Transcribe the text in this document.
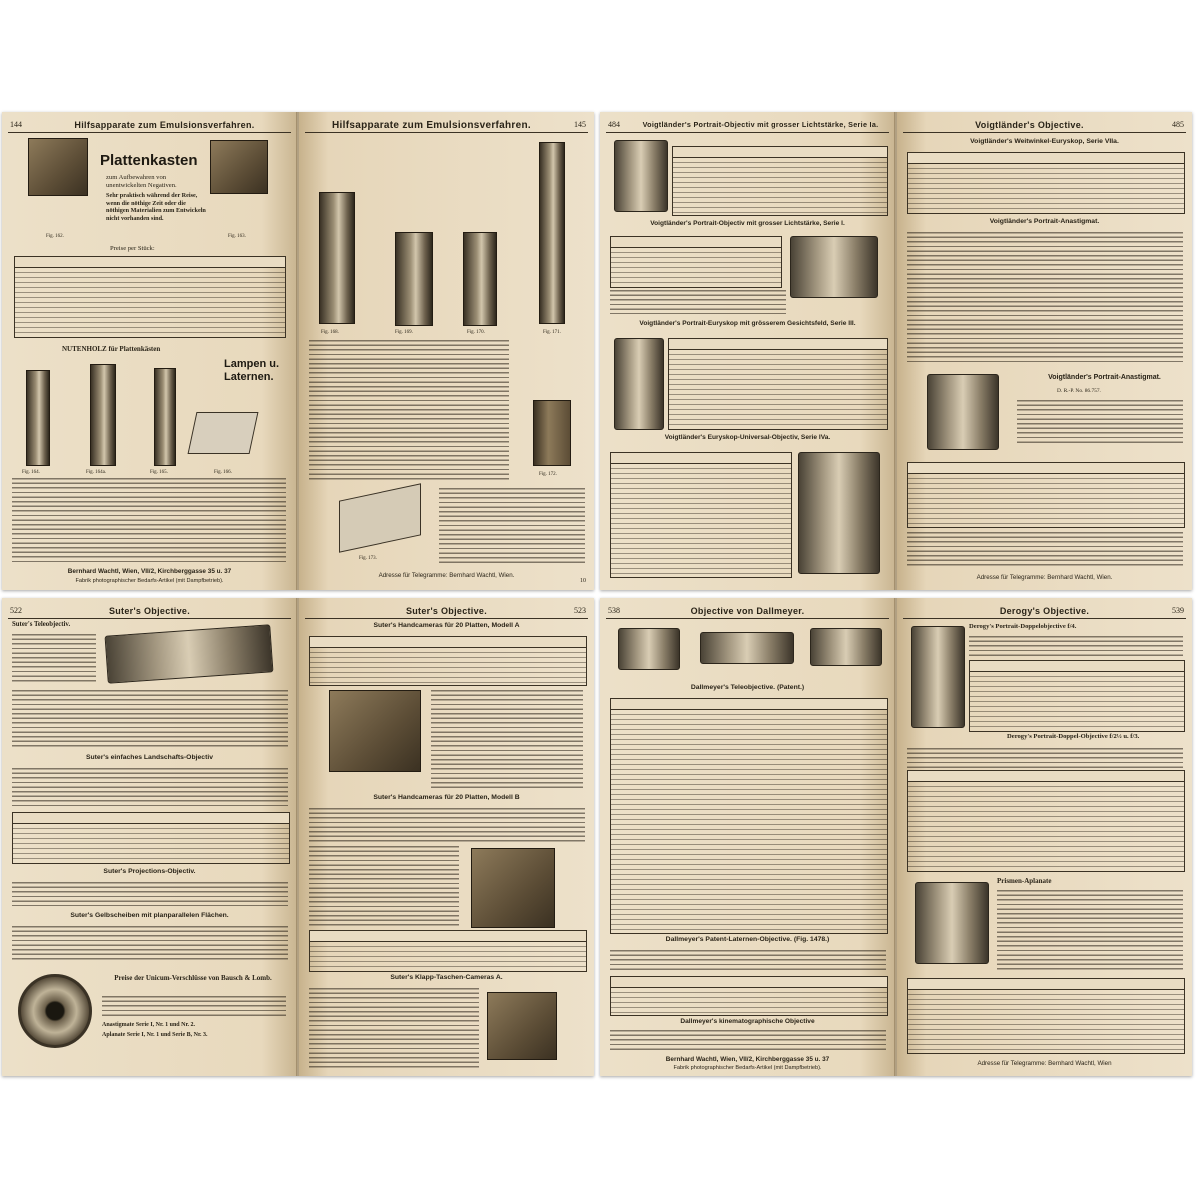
144	Hilfsapparate zum Emulsionsverfahren.
Plattenkasten
zum Aufbewahren von unentwickelten Negativen.
Sehr praktisch während der Reise, wenn die nöthige Zeit oder die nöthigen Materialien zum Entwickeln nicht vorhanden sind.
Fig. 162.	Fig. 163.
Preise per Stück:
NUTENHOLZ für Plattenkästen
Lampen u. Laternen.
Fig. 164.	Fig. 164a.	Fig. 165.	Fig. 166.
Bernhard Wachtl, Wien, VII/2, Kirchberggasse 35 u. 37
Fabrik photographischer Bedarfs-Artikel (mit Dampfbetrieb).
Hilfsapparate zum Emulsionsverfahren.	145
Fig. 168.	Fig. 169.	Fig. 170.	Fig. 171.
Fig. 172.
Fig. 173.
Adresse für Telegramme: Bernhard Wachtl, Wien.
10
484	Voigtländer's Portrait-Objectiv mit grosser Lichtstärke, Serie Ia.
Voigtländer's Portrait-Objectiv mit grosser Lichtstärke, Serie I.
Voigtländer's Portrait-Euryskop mit grösserem Gesichtsfeld, Serie III.
Voigtländer's Euryskop-Universal-Objectiv, Serie IVa.
Voigtländer's Objective.	485
Voigtländer's Weitwinkel-Euryskop, Serie VIIa.
Voigtländer's Portrait-Anastigmat.
Voigtländer's Portrait-Anastigmat.
D. R.-P. No. 86.757.
Adresse für Telegramme: Bernhard Wachtl, Wien.
522	Suter's Objective.
Suter's Teleobjectiv.
Suter's einfaches Landschafts-Objectiv
Suter's Projections-Objectiv.
Suter's Gelbscheiben mit planparallelen Flächen.
Preise der Unicum-Verschlüsse von Bausch & Lomb.
Anastigmate Serie I, Nr. 1 und Nr. 2.
Aplanate Serie I, Nr. 1 und Serie B, Nr. 3.
Suter's Objective.	523
Suter's Handcameras für 20 Platten, Modell A
Suter's Handcameras für 20 Platten, Modell B
Suter's Klapp-Taschen-Cameras A.
538	Objective von Dallmeyer.
Dallmeyer's Teleobjective. (Patent.)
Dallmeyer's Patent-Laternen-Objective. (Fig. 1478.)
Dallmeyer's kinematographische Objective
Bernhard Wachtl, Wien, VII/2, Kirchberggasse 35 u. 37
Fabrik photographischer Bedarfs-Artikel (mit Dampfbetrieb).
Derogy's Objective.	539
Derogy's Portrait-Doppelobjective f/4.
Derogy's Portrait-Doppel-Objective f/2½ u. f/3.
Prismen-Aplanate
Adresse für Telegramme: Bernhard Wachtl, Wien
